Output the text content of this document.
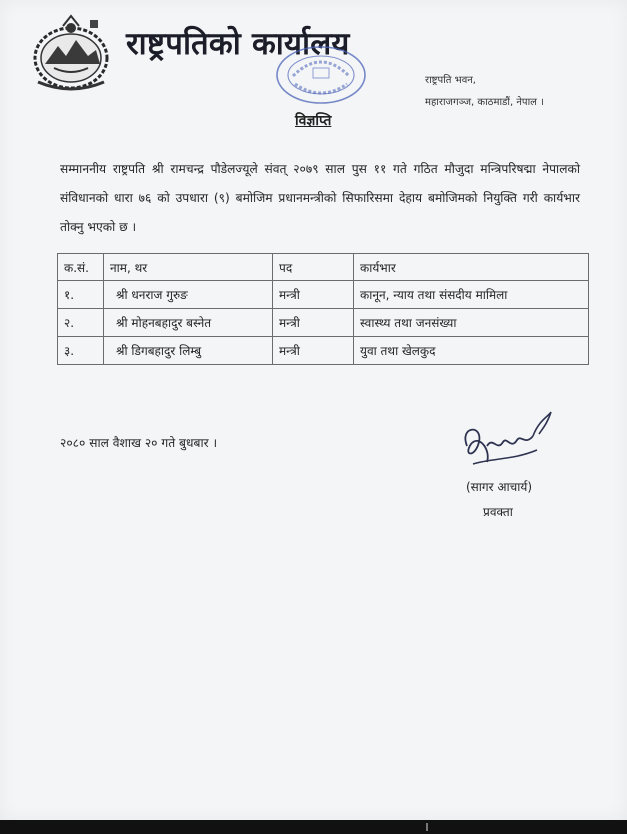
राष्ट्रपतिको कार्यालय
राष्ट्रपति भवन,
महाराजगञ्ज, काठमाडौं, नेपाल ।
विज्ञप्ति
सम्माननीय राष्ट्रपति श्री रामचन्द्र पौडेलज्यूले संवत् २०७९ साल पुस ११ गते गठित मौजुदा मन्त्रिपरिषद्मा नेपालको संविधानको धारा ७६ को उपधारा (९) बमोजिम प्रधानमन्त्रीको सिफारिसमा देहाय बमोजिमको नियुक्ति गरी कार्यभार तोक्नु भएको छ ।
क.सं.	नाम, थर	पद	कार्यभार
१.	श्री धनराज गुरुङ	मन्त्री	कानून, न्याय तथा संसदीय मामिला
२.	श्री मोहनबहादुर बस्नेत	मन्त्री	स्वास्थ्य तथा जनसंख्या
३.	श्री डिगबहादुर लिम्बु	मन्त्री	युवा तथा खेलकुद
२०८० साल वैशाख २० गते बुधबार ।
(सागर आचार्य)
प्रवक्ता
